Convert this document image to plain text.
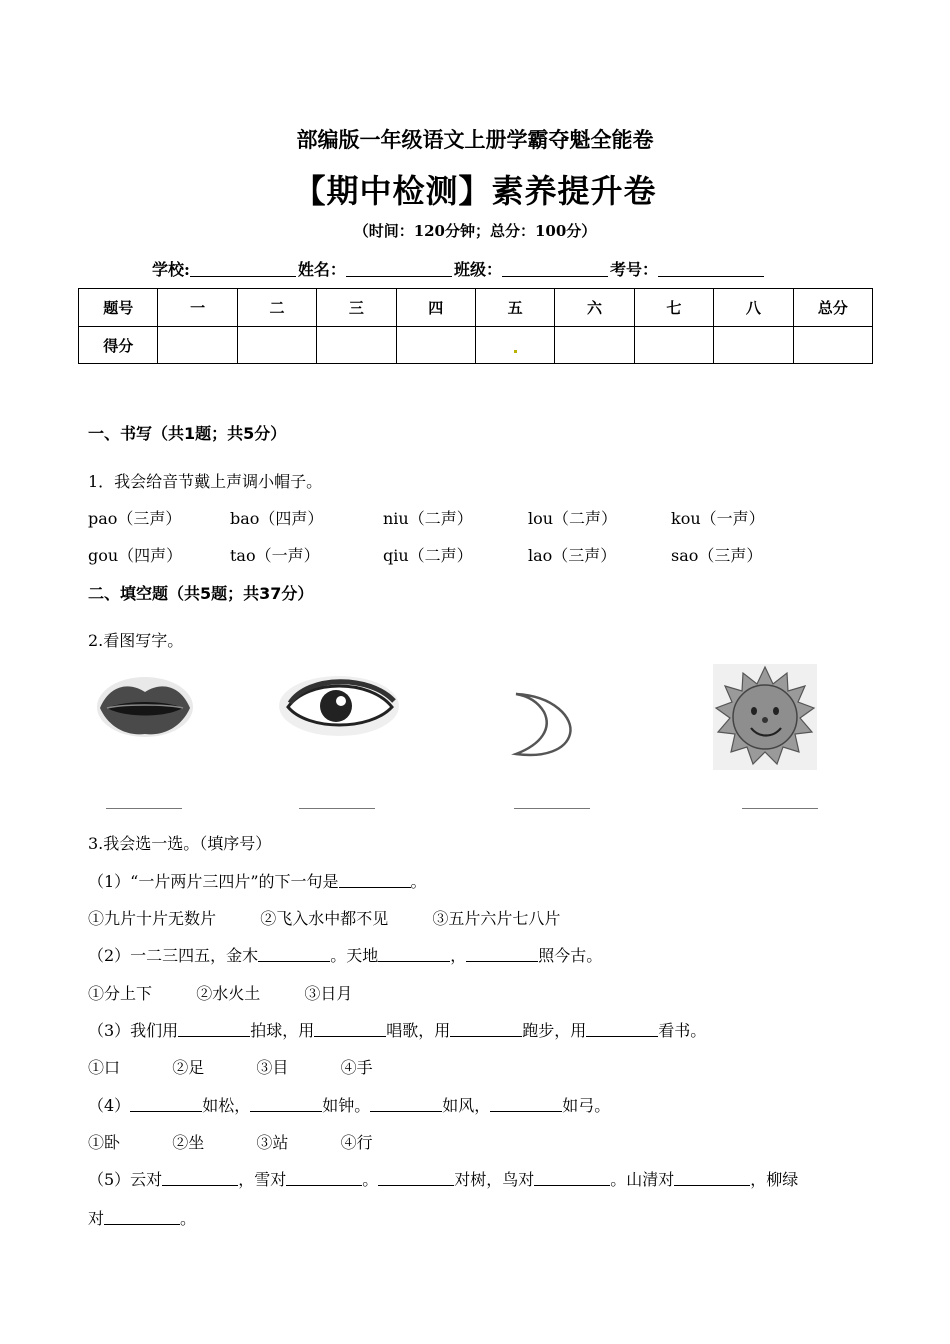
部编版一年级语文上册学霸夺魁全能卷
【期中检测】素养提升卷
（时间：120分钟；总分：100分）
学校:	姓名：	班级：	考号：
题号	一	二	三	四	五	六	七	八	总分
得分									
一、书写（共1题；共5分）
1．我会给音节戴上声调小帽子。
pao（三声）	bao（四声）	niu（二声）	lou（二声）	kou（一声）
gou（四声）	tao（一声）	qiu（二声）	lao（三声）	sao（三声）
二、填空题（共5题；共37分）
2.看图写字。
3.我会选一选。（填序号）
（1）“一片两片三四片”的下一句是	。
①九片十片无数片	②飞入水中都不见	③五片六片七八片
（2）一二三四五，金木	。天地	，	照今古。
①分上下	②水火土	③日月
（3）我们用	拍球，用	唱歌，用	跑步，用	看书。
①口	②足	③目	④手
（4）	如松，	如钟。	如风，	如弓。
①卧	②坐	③站	④行
（5）云对	，雪对	。	对树，鸟对	。山清对	，柳绿
对	。
